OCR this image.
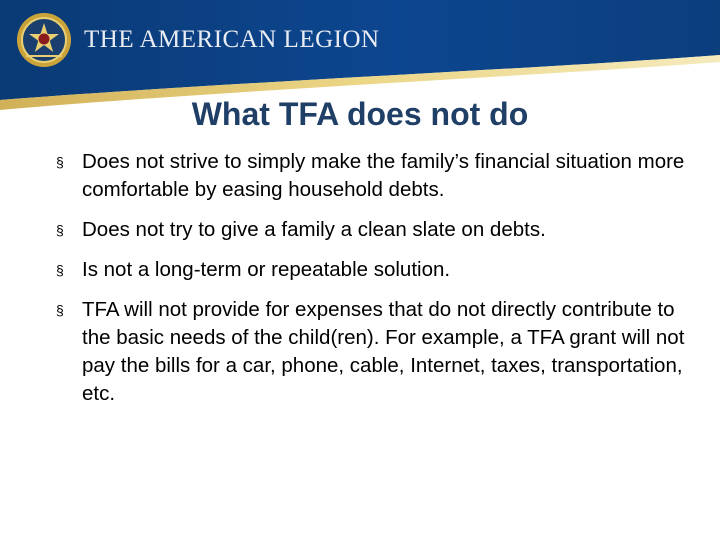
THE AMERICAN LEGION
What TFA does not do
§ Does not strive to simply make the family’s financial situation more comfortable by easing household debts.
§ Does not try to give a family a clean slate on debts.
§ Is not a long-term or repeatable solution.
§ TFA will not provide for expenses that do not directly contribute to the basic needs of the child(ren). For example, a TFA grant will not pay the bills for a car, phone, cable, Internet, taxes, transportation, etc.
